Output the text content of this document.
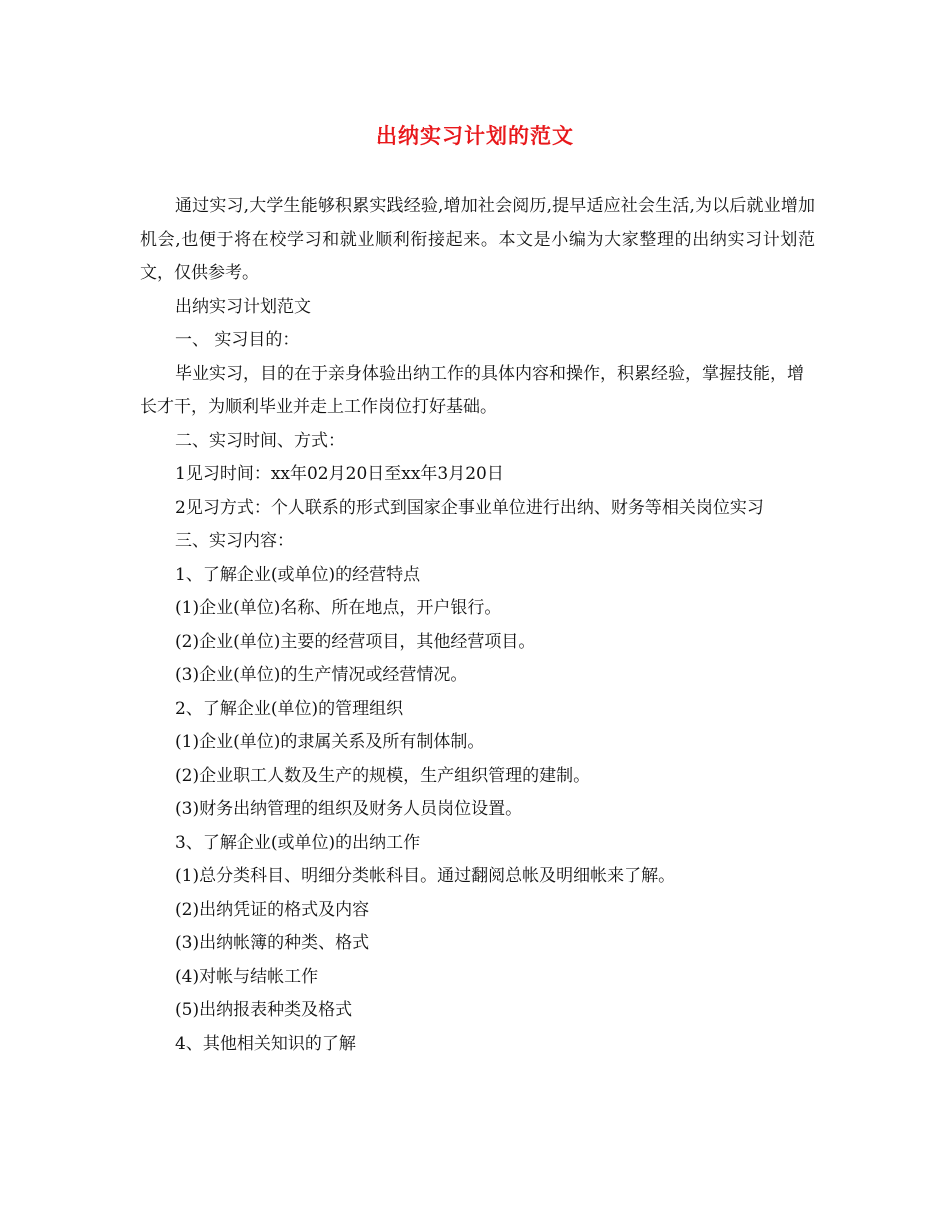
出纳实习计划的范文

通过实习,大学生能够积累实践经验,增加社会阅历,提早适应社会生活,为以后就业增加机会,也便于将在校学习和就业顺利衔接起来。本文是小编为大家整理的出纳实习计划范文，仅供参考。

出纳实习计划范文

一、 实习目的：

毕业实习，目的在于亲身体验出纳工作的具体内容和操作，积累经验，掌握技能，增长才干，为顺利毕业并走上工作岗位打好基础。

二、实习时间、方式：

1见习时间：xx年02月20日至xx年3月20日

2见习方式：个人联系的形式到国家企事业单位进行出纳、财务等相关岗位实习

三、实习内容：

1、了解企业(或单位)的经营特点

(1)企业(单位)名称、所在地点，开户银行。

(2)企业(单位)主要的经营项目，其他经营项目。

(3)企业(单位)的生产情况或经营情况。

2、了解企业(单位)的管理组织

(1)企业(单位)的隶属关系及所有制体制。

(2)企业职工人数及生产的规模，生产组织管理的建制。

(3)财务出纳管理的组织及财务人员岗位设置。

3、了解企业(或单位)的出纳工作

(1)总分类科目、明细分类帐科目。通过翻阅总帐及明细帐来了解。

(2)出纳凭证的格式及内容

(3)出纳帐簿的种类、格式

(4)对帐与结帐工作

(5)出纳报表种类及格式

4、其他相关知识的了解
